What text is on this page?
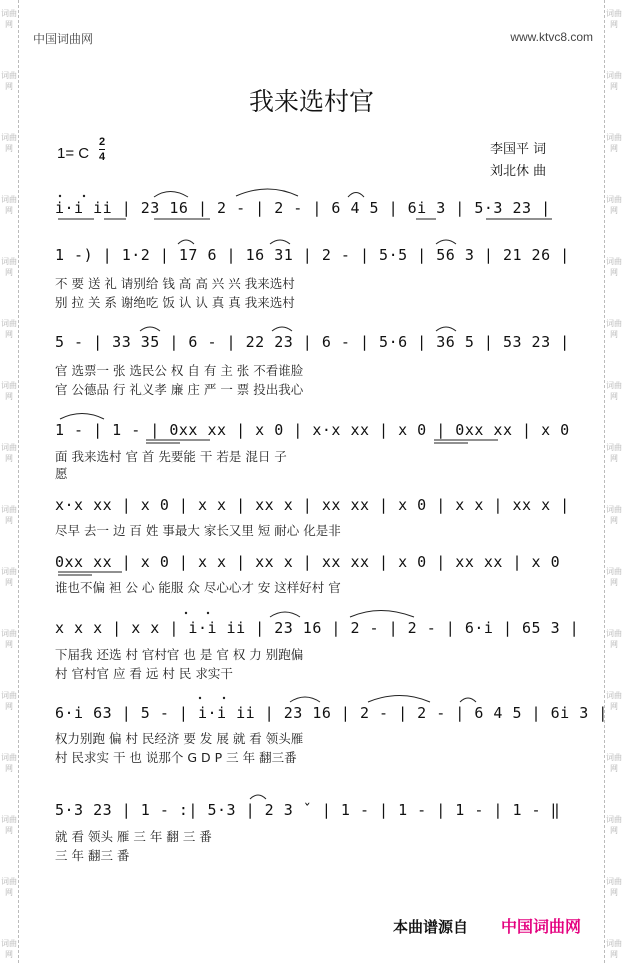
词曲网
词曲网
词曲网
词曲网
词曲网
词曲网
词曲网
词曲网
词曲网
词曲网
词曲网
词曲网
词曲网
词曲网
词曲网
词曲网
词曲网
词曲网
词曲网
词曲网
词曲网
词曲网
词曲网
词曲网
词曲网
词曲网
词曲网
词曲网
词曲网
词曲网
词曲网
词曲网
中国词曲网	www.ktvc8.com
我来选村官
1= C
2
4	李国平 词
刘北休 曲
i·i ii | 23 16 | 2 - | 2 - | 6 4 5 | 6i 3 | 5·3 23 |
1 -) | 1·2 | 17 6 | 16 31 | 2 - | 5·5 | 56 3 | 21 26 |
不 要 送 礼 请别给 钱 高 高 兴 兴 我来选村
别 拉 关 系 谢绝吃 饭 认 认 真 真 我来选村
5 - | 33 35 | 6 - | 22 23 | 6 - | 5·6 | 36 5 | 53 23 |
官 选票一 张 选民公 权 自 有 主 张 不看谁脸
官 公德品 行 礼义孝 廉 庄 严 一 票 投出我心
1 - | 1 - | 0xx xx | x 0 | x·x xx | x 0 | 0xx xx | x 0
面 我来选村 官 首 先要能 干 若是 混日 子
愿
x·x xx | x 0 | x x | xx x | xx xx | x 0 | x x | xx x |
尽早 去一 边 百 姓 事最大 家长又里 短 耐心 化是非
0xx xx | x 0 | x x | xx x | xx xx | x 0 | xx xx | x 0
谁也不偏 袒 公 心 能服 众 尽心心才 安 这样好村 官
x x x | x x | i·i ii | 23 16 | 2 - | 2 - | 6·i | 65 3 |
下届我 还选 村 官村官 也 是 官 权 力 别跑偏
村 官村官 应 看 远 村 民 求实干
6·i 63 | 5 - | i·i ii | 23 16 | 2 - | 2 - | 6 4 5 | 6i 3 |
权力别跑 偏 村 民经济 要 发 展 就 看 领头雁
村 民求实 干 也 说那个 G D P 三 年 翻三番
5·3 23 | 1 - :| 5·3 | 2 3 ˇ | 1 - | 1 - | 1 - | 1 - ‖
就 看 领头 雁 三 年 翻 三 番
三 年 翻三 番
本曲谱源自 中国词曲网
